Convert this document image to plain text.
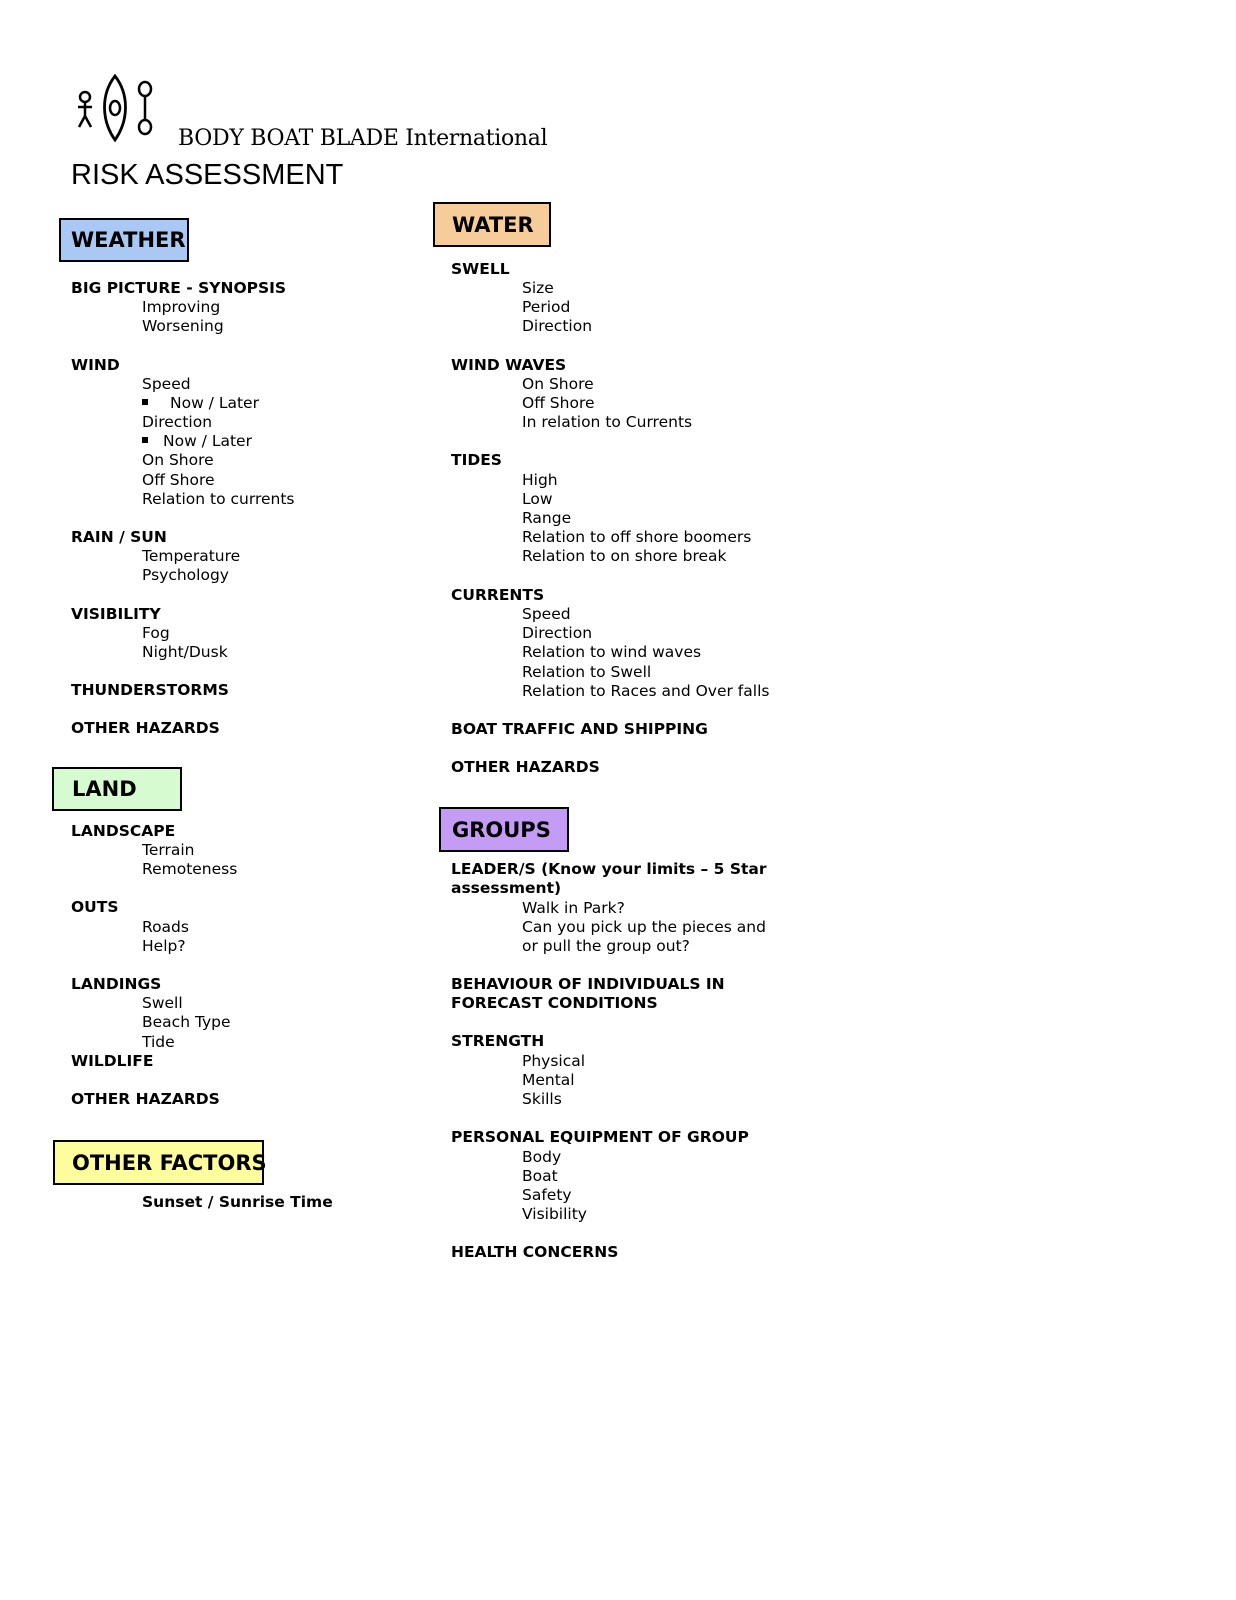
BODY BOAT BLADE International
RISK ASSESSMENT
WEATHER
BIG PICTURE - SYNOPSIS
Improving
Worsening
WIND
Speed
Now / Later
Direction
Now / Later
On Shore
Off Shore
Relation to currents
RAIN / SUN
Temperature
Psychology
VISIBILITY
Fog
Night/Dusk
THUNDERSTORMS
OTHER HAZARDS
LAND
LANDSCAPE
Terrain
Remoteness
OUTS
Roads
Help?
LANDINGS
Swell
Beach Type
Tide
WILDLIFE
OTHER HAZARDS
OTHER FACTORS
Sunset / Sunrise Time
WATER
SWELL
Size
Period
Direction
WIND WAVES
On Shore
Off Shore
In relation to Currents
TIDES
High
Low
Range
Relation to off shore boomers
Relation to on shore break
CURRENTS
Speed
Direction
Relation to wind waves
Relation to Swell
Relation to Races and Over falls
BOAT TRAFFIC AND SHIPPING
OTHER HAZARDS
GROUPS
LEADER/S (Know your limits – 5 Star
assessment)
Walk in Park?
Can you pick up the pieces and
or pull the group out?
BEHAVIOUR OF INDIVIDUALS IN
FORECAST CONDITIONS
STRENGTH
Physical
Mental
Skills
PERSONAL EQUIPMENT OF GROUP
Body
Boat
Safety
Visibility
HEALTH CONCERNS
